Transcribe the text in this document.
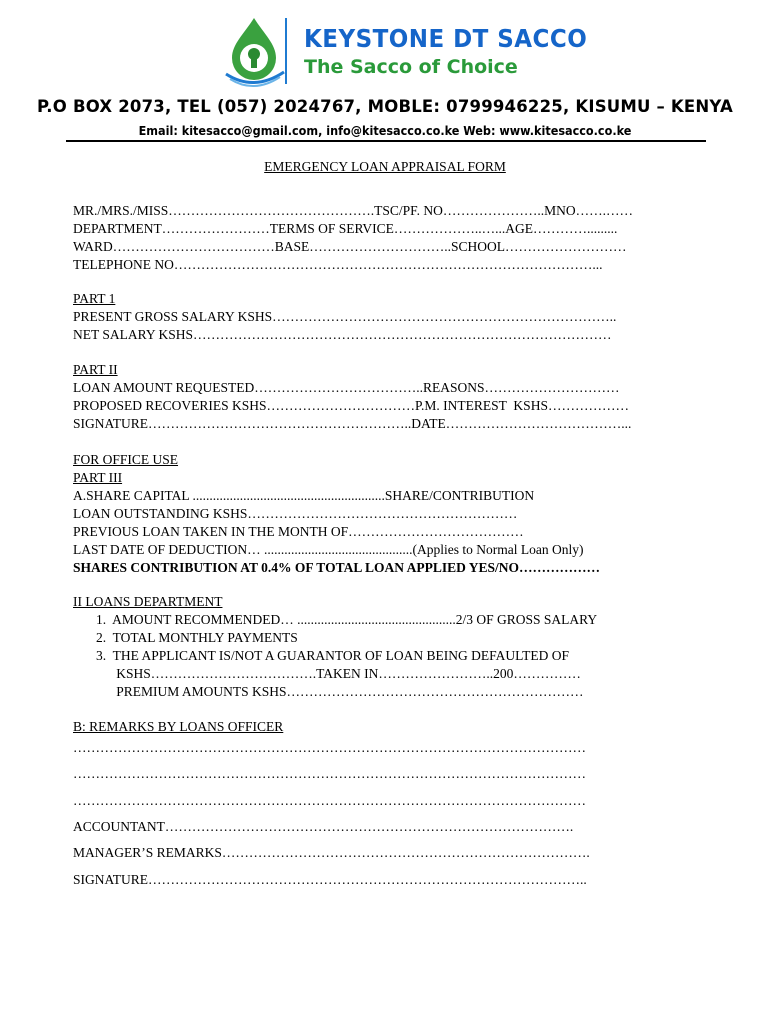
KEYSTONE DT SACCO
The Sacco of Choice
P.O BOX 2073, TEL (057) 2024767, MOBLE: 0799946225, KISUMU – KENYA
Email: kitesacco@gmail.com, info@kitesacco.co.ke Web: www.kitesacco.co.ke
EMERGENCY LOAN APPRAISAL FORM
MR./MRS./MISS……………………………………….TSC/PF. NO…………………..MNO…….……
DEPARTMENT……………………TERMS OF SERVICE………………..…...AGE………….........
WARD………………………………BASE…………………………..SCHOOL………………………
TELEPHONE NO…………………………………………………………………………………...
PART 1
PRESENT GROSS SALARY KSHS…………………………………………………………………..
NET SALARY KSHS…………………………………………………………………………………
PART II
LOAN AMOUNT REQUESTED………………………………..REASONS…………………………
PROPOSED RECOVERIES KSHS……………………………P.M. INTEREST  KSHS………………
SIGNATURE…………………………………………………..DATE…………………………………...
FOR OFFICE USE
PART III
A.SHARE CAPITAL .........................................................SHARE/CONTRIBUTION
LOAN OUTSTANDING KSHS……………………………………………………
PREVIOUS LOAN TAKEN IN THE MONTH OF…………………………………
LAST DATE OF DEDUCTION… ............................................(Applies to Normal Loan Only)
SHARES CONTRIBUTION AT 0.4% OF TOTAL LOAN APPLIED YES/NO………………
II LOANS DEPARTMENT
1.  AMOUNT RECOMMENDED… ...............................................2/3 OF GROSS SALARY
2.  TOTAL MONTHLY PAYMENTS
3.  THE APPLICANT IS/NOT A GUARANTOR OF LOAN BEING DEFAULTED OF
KSHS……………………………….TAKEN IN……………………..200……………
PREMIUM AMOUNTS KSHS…………………………………………………………
B: REMARKS BY LOANS OFFICER
……………………………………………………………………………………………………
……………………………………………………………………………………………………
……………………………………………………………………………………………………
ACCOUNTANT……………………………………………………………………………….
MANAGER’S REMARKS……………………………………………………………………….
SIGNATURE……………………………………………………………………………………..
